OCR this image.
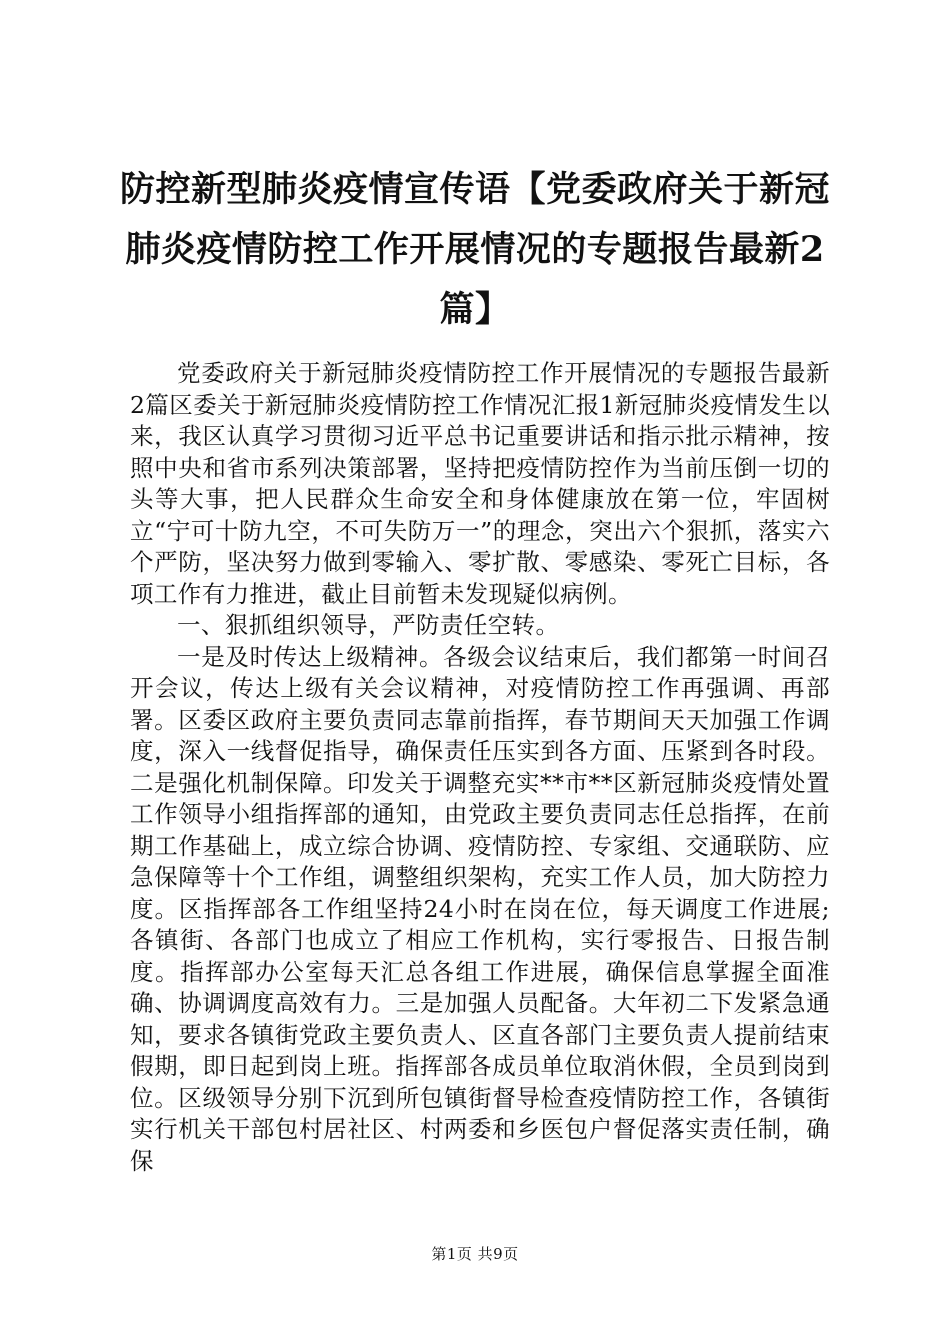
防控新型肺炎疫情宣传语【党委政府关于新冠肺炎疫情防控工作开展情况的专题报告最新2篇】

党委政府关于新冠肺炎疫情防控工作开展情况的专题报告最新2篇区委关于新冠肺炎疫情防控工作情况汇报1新冠肺炎疫情发生以来，我区认真学习贯彻习近平总书记重要讲话和指示批示精神，按照中央和省市系列决策部署，坚持把疫情防控作为当前压倒一切的头等大事，把人民群众生命安全和身体健康放在第一位，牢固树立“宁可十防九空，不可失防万一”的理念，突出六个狠抓，落实六个严防，坚决努力做到零输入、零扩散、零感染、零死亡目标，各项工作有力推进，截止目前暂未发现疑似病例。

一、狠抓组织领导，严防责任空转。

一是及时传达上级精神。各级会议结束后，我们都第一时间召开会议，传达上级有关会议精神，对疫情防控工作再强调、再部署。区委区政府主要负责同志靠前指挥，春节期间天天加强工作调度，深入一线督促指导，确保责任压实到各方面、压紧到各时段。二是强化机制保障。印发关于调整充实**市**区新冠肺炎疫情处置工作领导小组指挥部的通知，由党政主要负责同志任总指挥，在前期工作基础上，成立综合协调、疫情防控、专家组、交通联防、应急保障等十个工作组，调整组织架构，充实工作人员，加大防控力度。区指挥部各工作组坚持24小时在岗在位，每天调度工作进展;各镇街、各部门也成立了相应工作机构，实行零报告、日报告制度。指挥部办公室每天汇总各组工作进展，确保信息掌握全面准确、协调调度高效有力。三是加强人员配备。大年初二下发紧急通知，要求各镇街党政主要负责人、区直各部门主要负责人提前结束假期，即日起到岗上班。指挥部各成员单位取消休假，全员到岗到位。区级领导分别下沉到所包镇街督导检查疫情防控工作，各镇街实行机关干部包村居社区、村两委和乡医包户督促落实责任制，确保

第1页 共9页
